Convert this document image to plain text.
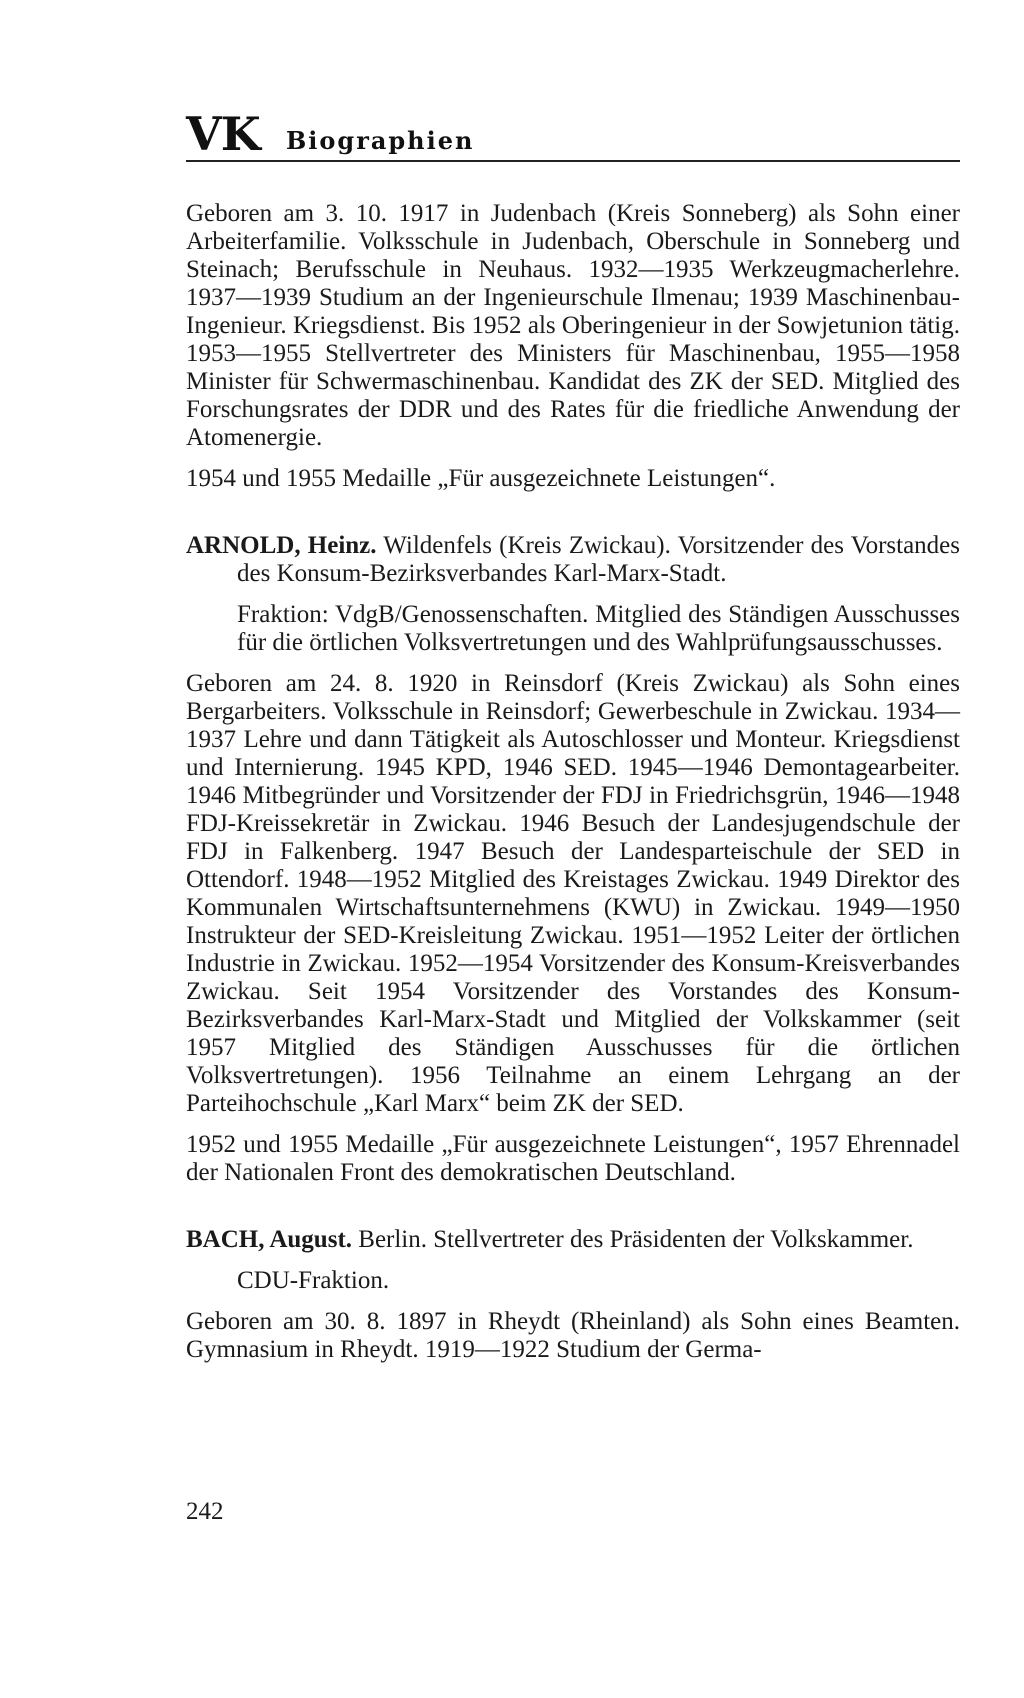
VK Biographien

Geboren am 3. 10. 1917 in Judenbach (Kreis Sonneberg) als Sohn einer Arbeiterfamilie. Volksschule in Judenbach, Oberschule in Sonneberg und Steinach; Berufsschule in Neuhaus. 1932—1935 Werkzeugmacherlehre. 1937—1939 Studium an der Ingenieurschule Ilmenau; 1939 Maschinenbau-Ingenieur. Kriegsdienst. Bis 1952 als Oberingenieur in der Sowjetunion tätig. 1953—1955 Stellvertreter des Ministers für Maschinenbau, 1955—1958 Minister für Schwermaschinenbau. Kandidat des ZK der SED. Mitglied des Forschungsrates der DDR und des Rates für die friedliche Anwendung der Atomenergie.

1954 und 1955 Medaille „Für ausgezeichnete Leistungen“.

ARNOLD, Heinz. Wildenfels (Kreis Zwickau). Vorsitzender des Vorstandes des Konsum-Bezirksverbandes Karl-Marx-Stadt.

Fraktion: VdgB/Genossenschaften. Mitglied des Ständigen Ausschusses für die örtlichen Volksvertretungen und des Wahlprüfungsausschusses.

Geboren am 24. 8. 1920 in Reinsdorf (Kreis Zwickau) als Sohn eines Bergarbeiters. Volksschule in Reinsdorf; Gewerbeschule in Zwickau. 1934—1937 Lehre und dann Tätigkeit als Autoschlosser und Monteur. Kriegsdienst und Internierung. 1945 KPD, 1946 SED. 1945—1946 Demontagearbeiter. 1946 Mitbegründer und Vorsitzender der FDJ in Friedrichsgrün, 1946—1948 FDJ-Kreissekretär in Zwickau. 1946 Besuch der Landesjugendschule der FDJ in Falkenberg. 1947 Besuch der Landesparteischule der SED in Ottendorf. 1948—1952 Mitglied des Kreistages Zwickau. 1949 Direktor des Kommunalen Wirtschaftsunternehmens (KWU) in Zwickau. 1949—1950 Instrukteur der SED-Kreisleitung Zwickau. 1951—1952 Leiter der örtlichen Industrie in Zwickau. 1952—1954 Vorsitzender des Konsum-Kreisverbandes Zwickau. Seit 1954 Vorsitzender des Vorstandes des Konsum-Bezirksverbandes Karl-Marx-Stadt und Mitglied der Volkskammer (seit 1957 Mitglied des Ständigen Ausschusses für die örtlichen Volksvertretungen). 1956 Teilnahme an einem Lehrgang an der Parteihochschule „Karl Marx“ beim ZK der SED.

1952 und 1955 Medaille „Für ausgezeichnete Leistungen“, 1957 Ehrennadel der Nationalen Front des demokratischen Deutschland.

BACH, August. Berlin. Stellvertreter des Präsidenten der Volkskammer.

CDU-Fraktion.

Geboren am 30. 8. 1897 in Rheydt (Rheinland) als Sohn eines Beamten. Gymnasium in Rheydt. 1919—1922 Studium der Germa-

242
